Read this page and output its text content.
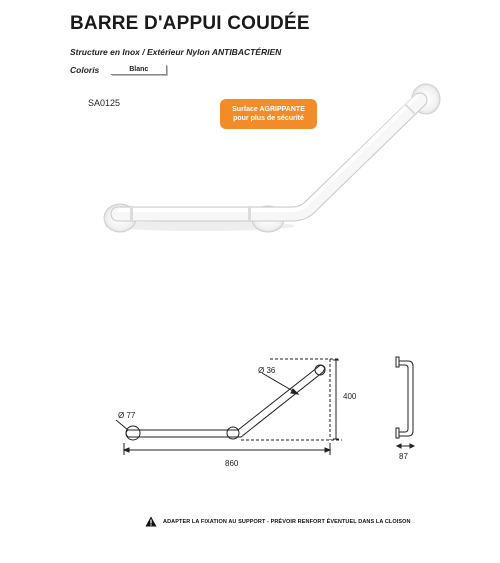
BARRE D'APPUI COUDÉE
Structure en Inox / Extérieur Nylon ANTIBACTÉRIEN
Coloris	Blanc
SA0125
Surface AGRIPPANTE
pour plus de sécurité
Ø 36
Ø 77
860
400
87
ADAPTER LA FIXATION AU SUPPORT - PRÉVOIR RENFORT ÉVENTUEL DANS LA CLOISON
